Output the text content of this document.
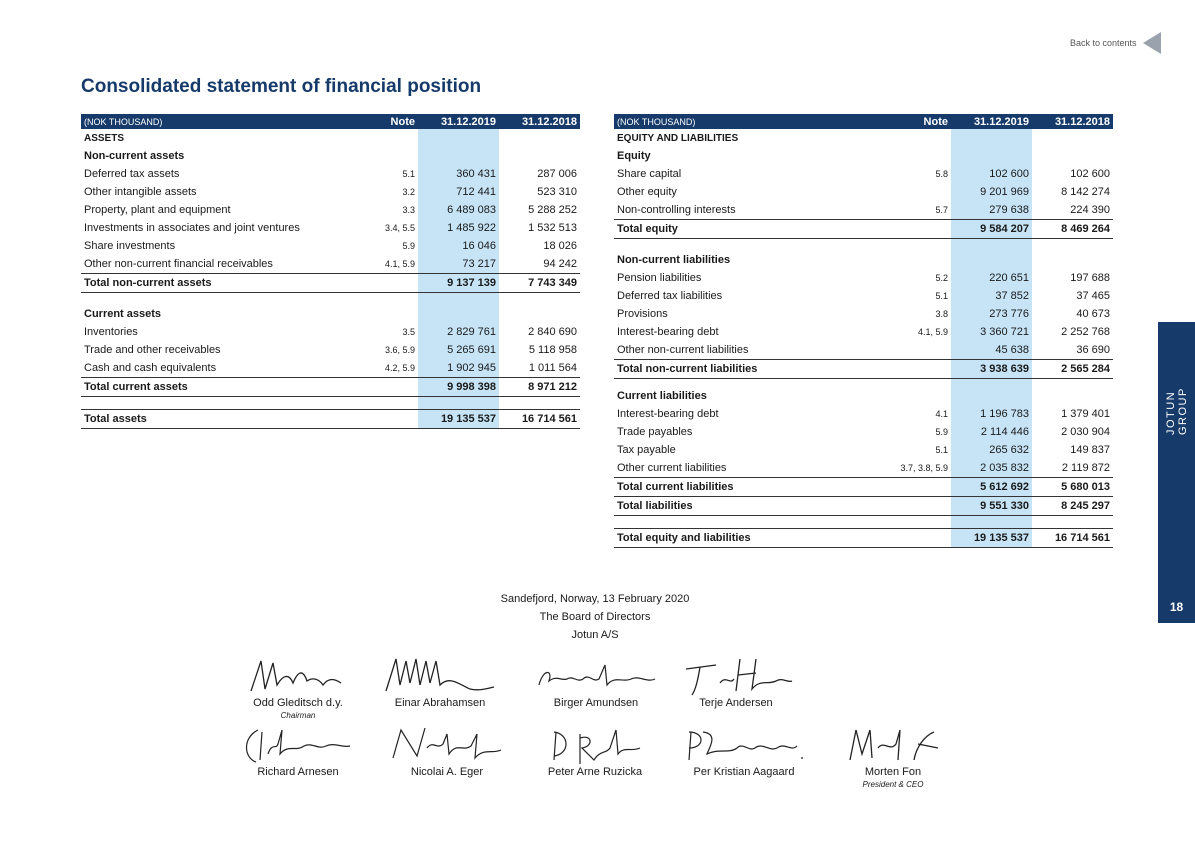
Back to contents
Consolidated statement of financial position
(NOK THOUSAND)	Note	31.12.2019	31.12.2018
ASSETS			
Non-current assets			
Deferred tax assets	5.1	360 431	287 006
Other intangible assets	3.2	712 441	523 310
Property, plant and equipment	3.3	6 489 083	5 288 252
Investments in associates and joint ventures	3.4, 5.5	1 485 922	1 532 513
Share investments	5.9	16 046	18 026
Other non-current financial receivables	4.1, 5.9	73 217	94 242
Total non-current assets		9 137 139	7 743 349

Current assets			
Inventories	3.5	2 829 761	2 840 690
Trade and other receivables	3.6, 5.9	5 265 691	5 118 958
Cash and cash equivalents	4.2, 5.9	1 902 945	1 011 564
Total current assets		9 998 398	8 971 212

Total assets		19 135 537	16 714 561
(NOK THOUSAND)	Note	31.12.2019	31.12.2018
EQUITY AND LIABILITIES			
Equity			
Share capital	5.8	102 600	102 600
Other equity		9 201 969	8 142 274
Non-controlling interests	5.7	279 638	224 390
Total equity		9 584 207	8 469 264

Non-current liabilities			
Pension liabilities	5.2	220 651	197 688
Deferred tax liabilities	5.1	37 852	37 465
Provisions	3.8	273 776	40 673
Interest-bearing debt	4.1, 5.9	3 360 721	2 252 768
Other non-current liabilities		45 638	36 690
Total non-current liabilities		3 938 639	2 565 284

Current liabilities			
Interest-bearing debt	4.1	1 196 783	1 379 401
Trade payables	5.9	2 114 446	2 030 904
Tax payable	5.1	265 632	149 837
Other current liabilities	3.7, 3.8, 5.9	2 035 832	2 119 872
Total current liabilities		5 612 692	5 680 013
Total liabilities		9 551 330	8 245 297

Total equity and liabilities		19 135 537	16 714 561
Sandefjord, Norway, 13 February 2020
The Board of Directors
Jotun A/S
Odd Gleditsch d.y.
Chairman
Einar Abrahamsen	Birger Amundsen	Terje Andersen
Richard Arnesen	Nicolai A. Eger	Peter Arne Ruzicka	Per Kristian Aagaard	Morten Fon
President & CEO
JOTUN GROUP
18
